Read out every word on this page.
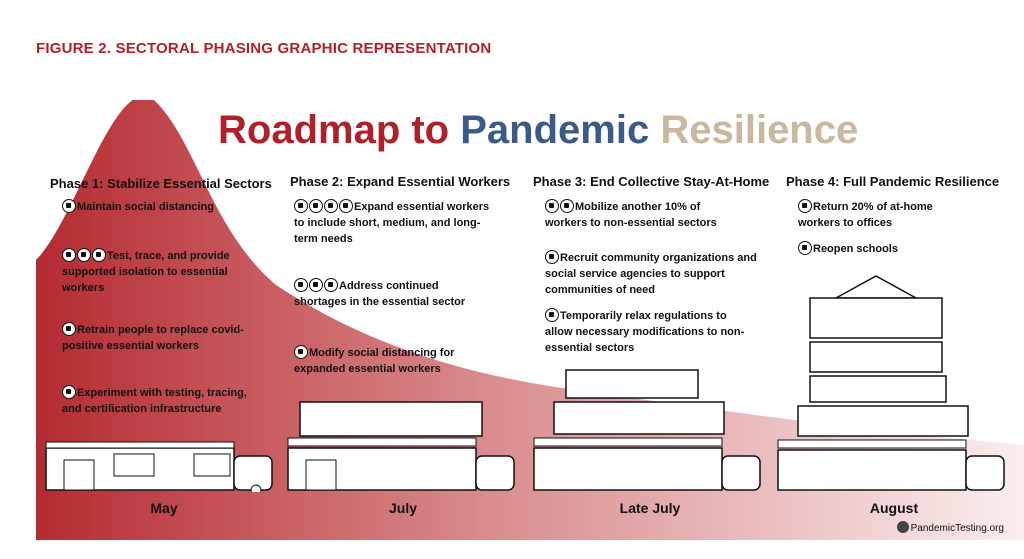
FIGURE 2. SECTORAL PHASING GRAPHIC REPRESENTATION
Roadmap to Pandemic Resilience
Phase 1: Stabilize Essential Sectors
Maintain social distancing
Test, trace, and provide supported isolation to essential workers
Retrain people to replace covid-positive essential workers
Experiment with testing, tracing, and certification infrastructure
Phase 2: Expand Essential Workers
Expand essential workers to include short, medium, and long-term needs
Address continued shortages in the essential sector
Modify social distancing for expanded essential workers
Phase 3: End Collective Stay-At-Home
Mobilize another 10% of workers to non-essential sectors
Recruit community organizations and social service agencies to support communities of need
Temporarily relax regulations to allow necessary modifications to non-essential sectors
Phase 4: Full Pandemic Resilience
Return 20% of at-home workers to offices
Reopen schools
May	July	Late July	August
PandemicTesting.org
